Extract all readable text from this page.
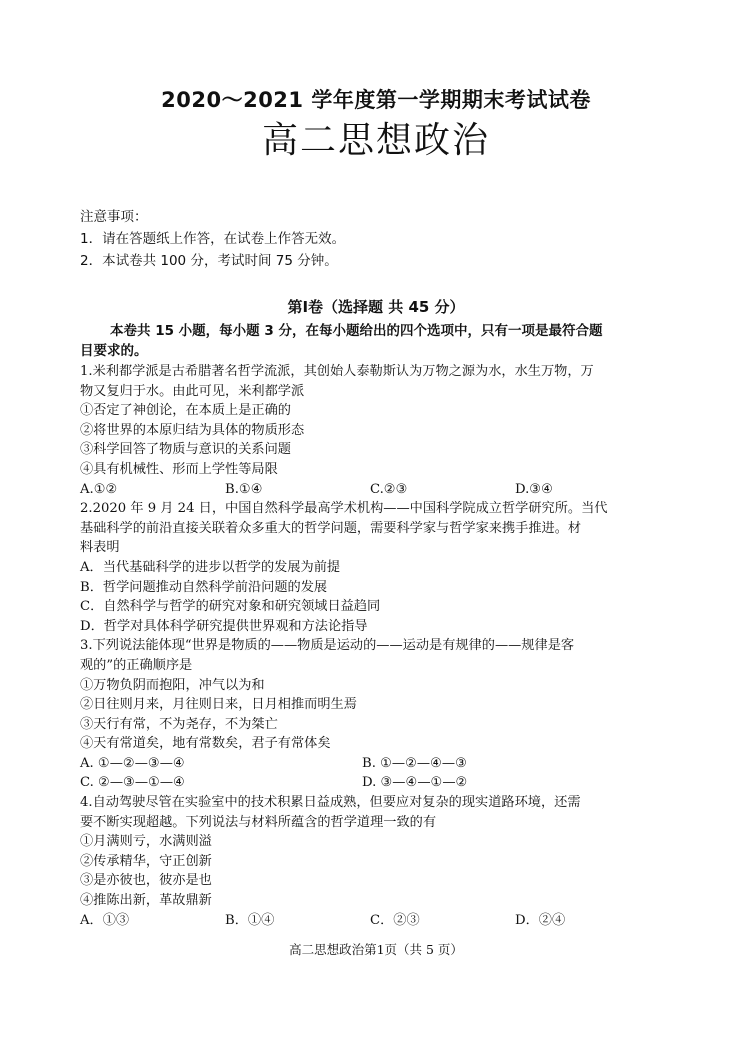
2020～2021 学年度第一学期期末考试试卷
高二思想政治
注意事项：
1．请在答题纸上作答，在试卷上作答无效。
2．本试卷共 100 分，考试时间 75 分钟。
第Ⅰ卷（选择题 共 45 分）
本卷共 15 小题，每小题 3 分，在每小题给出的四个选项中，只有一项是最符合题
目要求的。
1.米利都学派是古希腊著名哲学流派，其创始人泰勒斯认为万物之源为水，水生万物，万
物又复归于水。由此可见，米利都学派
①否定了神创论，在本质上是正确的
②将世界的本原归结为具体的物质形态
③科学回答了物质与意识的关系问题
④具有机械性、形而上学性等局限
A.①②	B.①④	C.②③	D.③④
2.2020 年 9 月 24 日，中国自然科学最高学术机构——中国科学院成立哲学研究所。当代
基础科学的前沿直接关联着众多重大的哲学问题，需要科学家与哲学家来携手推进。材
料表明
A．当代基础科学的进步以哲学的发展为前提
B．哲学问题推动自然科学前沿问题的发展
C．自然科学与哲学的研究对象和研究领域日益趋同
D．哲学对具体科学研究提供世界观和方法论指导
3.下列说法能体现“世界是物质的——物质是运动的——运动是有规律的——规律是客
观的”的正确顺序是
①万物负阴而抱阳，冲气以为和
②日往则月来，月往则日来，日月相推而明生焉
③天行有常，不为尧存，不为桀亡
④天有常道矣，地有常数矣，君子有常体矣
A. ①—②—③—④	B. ①—②—④—③
C. ②—③—①—④	D. ③—④—①—②
4.自动驾驶尽管在实验室中的技术积累日益成熟，但要应对复杂的现实道路环境，还需
要不断实现超越。下列说法与材料所蕴含的哲学道理一致的有
①月满则亏，水满则溢
②传承精华，守正创新
③是亦彼也，彼亦是也
④推陈出新，革故鼎新
A．①③	B．①④	C．②③	D．②④
高二思想政治第1页（共 5 页）
